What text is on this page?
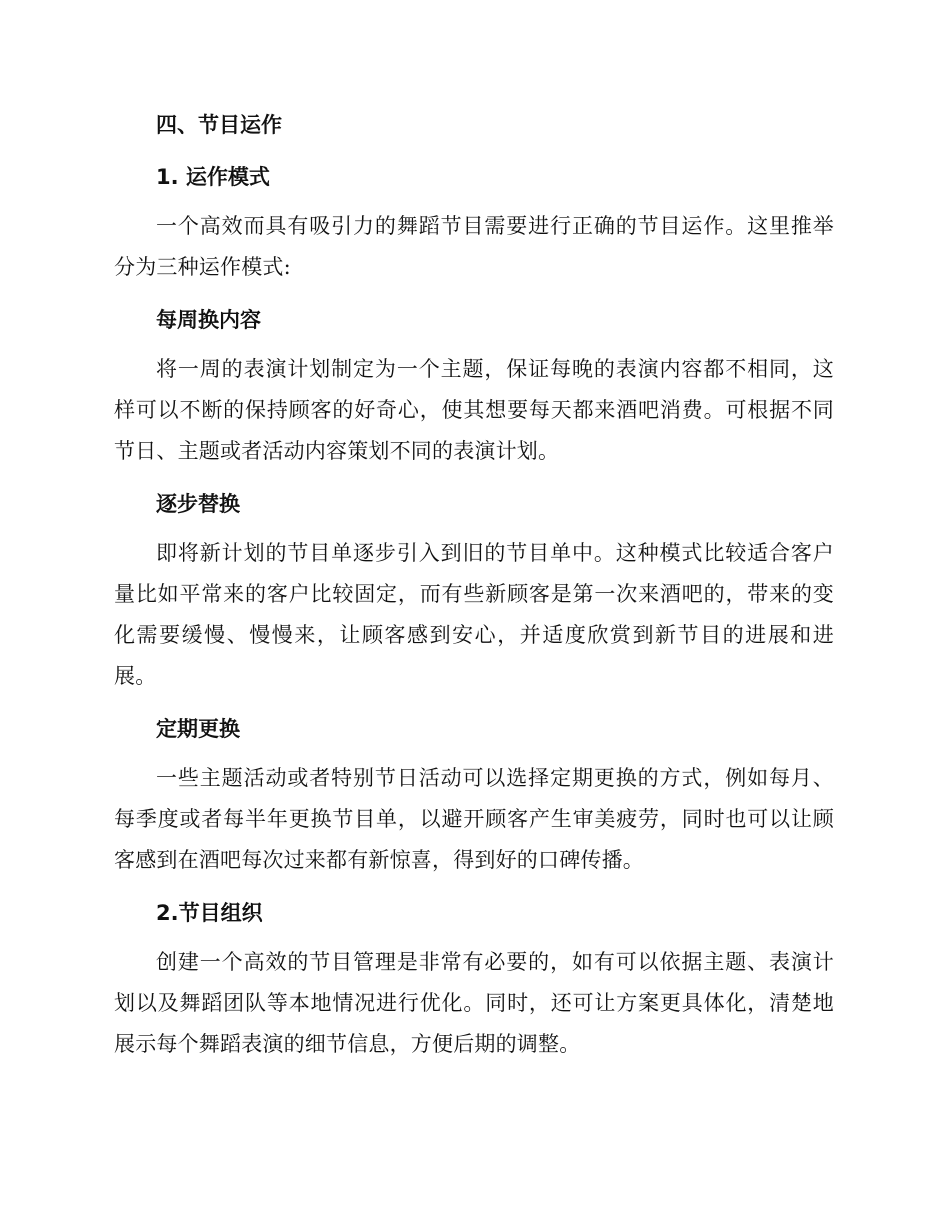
四、节目运作

1. 运作模式

一个高效而具有吸引力的舞蹈节目需要进行正确的节目运作。这里推举分为三种运作模式:

每周换内容

将一周的表演计划制定为一个主题，保证每晚的表演内容都不相同，这样可以不断的保持顾客的好奇心，使其想要每天都来酒吧消费。可根据不同节日、主题或者活动内容策划不同的表演计划。

逐步替换

即将新计划的节目单逐步引入到旧的节目单中。这种模式比较适合客户量比如平常来的客户比较固定，而有些新顾客是第一次来酒吧的，带来的变化需要缓慢、慢慢来，让顾客感到安心，并适度欣赏到新节目的进展和进展。

定期更换

一些主题活动或者特别节日活动可以选择定期更换的方式，例如每月、每季度或者每半年更换节目单，以避开顾客产生审美疲劳，同时也可以让顾客感到在酒吧每次过来都有新惊喜，得到好的口碑传播。

2.节目组织

创建一个高效的节目管理是非常有必要的，如有可以依据主题、表演计划以及舞蹈团队等本地情况进行优化。同时，还可让方案更具体化，清楚地展示每个舞蹈表演的细节信息，方便后期的调整。
